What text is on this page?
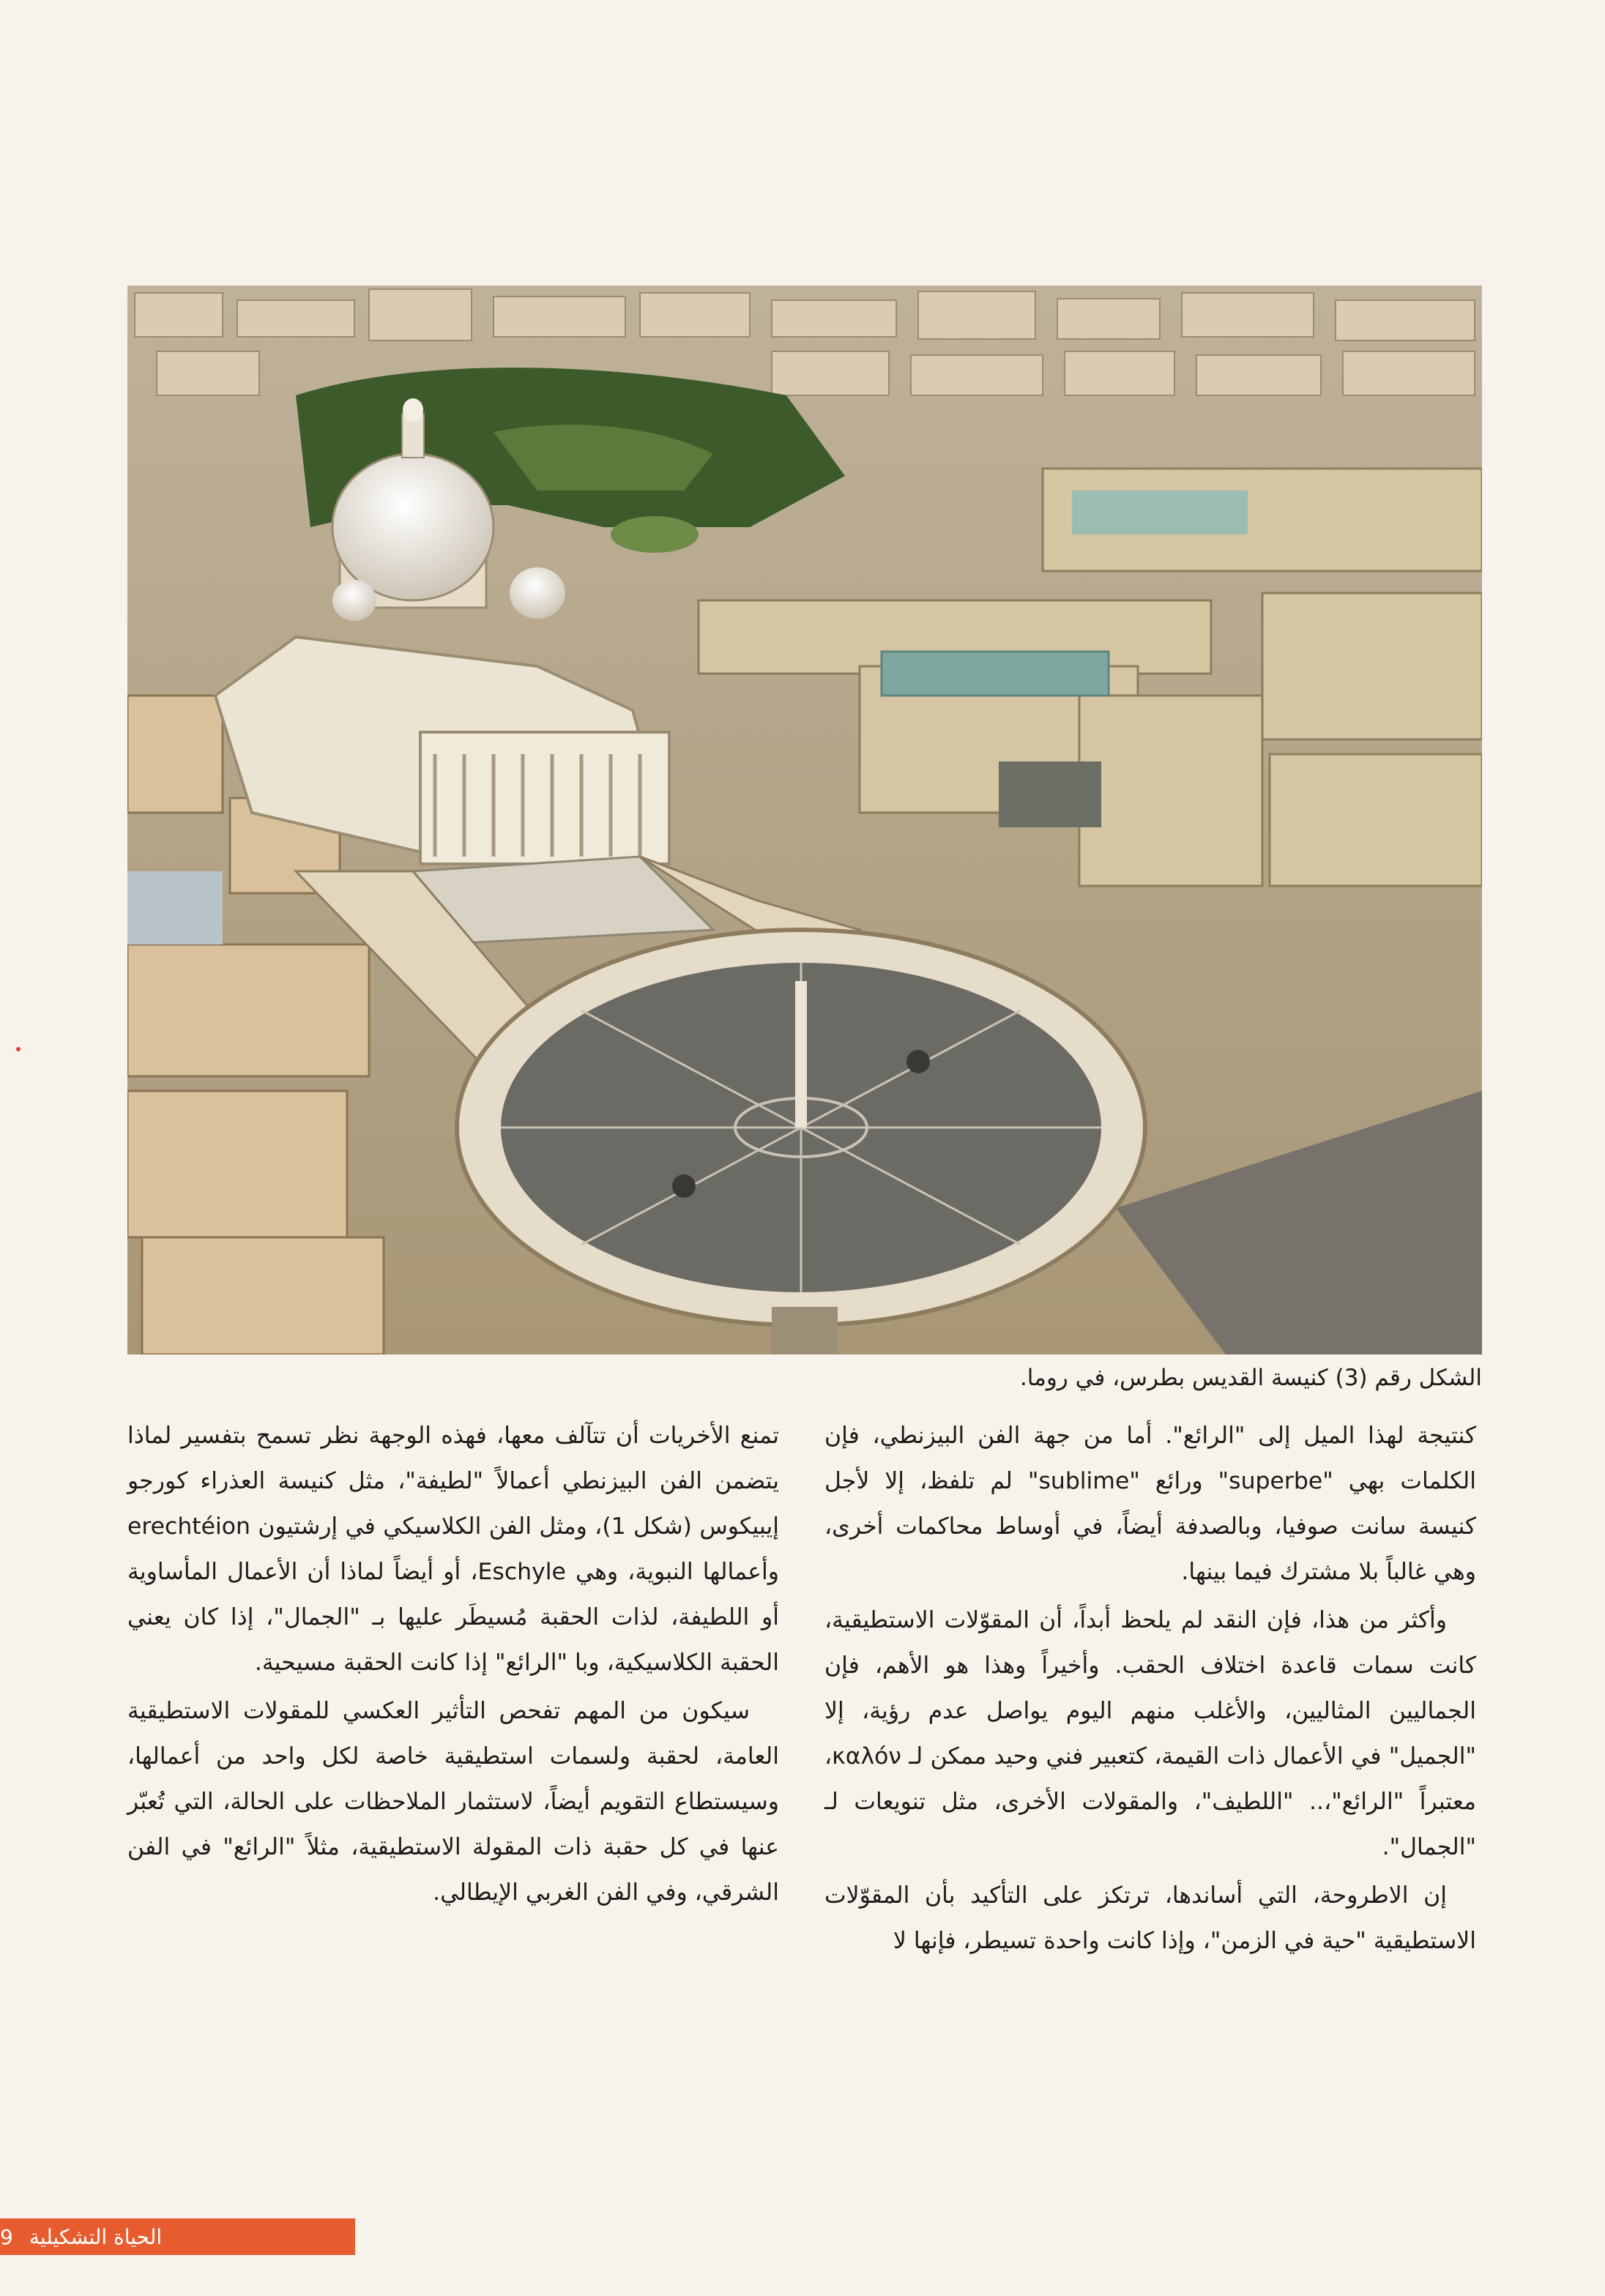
الشكل رقم (3) كنيسة القديس بطرس، في روما.

كنتيجة لهذا الميل إلى "الرائع". أما من جهة الفن البيزنطي، فإن الكلمات بهي "superbe" ورائع "sublime" لم تلفظ، إلا لأجل كنيسة سانت صوفيا، وبالصدفة أيضاً، في أوساط محاكمات أخرى، وهي غالباً بلا مشترك فيما بينها.

وأكثر من هذا، فإن النقد لم يلحظ أبداً، أن المقوّلات الاستطيقية، كانت سمات قاعدة اختلاف الحقب. وأخيراً وهذا هو الأهم، فإن الجماليين المثاليين، والأغلب منهم اليوم يواصل عدم رؤية، إلا "الجميل" في الأعمال ذات القيمة، كتعبير فني وحيد ممكن لـ καλόν، معتبراً "الرائع"،.. "اللطيف"، والمقولات الأخرى، مثل تنويعات لـ "الجمال".

إن الاطروحة، التي أساندها، ترتكز على التأكيد بأن المقوّلات الاستطيقية "حية في الزمن"، وإذا كانت واحدة تسيطر، فإنها لا

تمنع الأخريات أن تتآلف معها، فهذه الوجهة نظر تسمح بتفسير لماذا يتضمن الفن البيزنطي أعمالاً "لطيفة"، مثل كنيسة العذراء كورجو إيبيكوس (شكل 1)، ومثل الفن الكلاسيكي في إرشتيون erechtéion وأعمالها النبوية، وهي Eschyle، أو أيضاً لماذا أن الأعمال المأساوية أو اللطيفة، لذات الحقبة مُسيطَر عليها بـ "الجمال"، إذا كان يعني الحقبة الكلاسيكية، وبا "الرائع" إذا كانت الحقبة مسيحية.

سيكون من المهم تفحص التأثير العكسي للمقولات الاستطيقية العامة، لحقبة ولسمات استطيقية خاصة لكل واحد من أعمالها، وسيستطاع التقويم أيضاً، لاستثمار الملاحظات على الحالة، التي تُعبّر عنها في كل حقبة ذات المقولة الاستطيقية، مثلاً "الرائع" في الفن الشرقي، وفي الفن الغربي الإيطالي.

الحياة التشكيلية
9
